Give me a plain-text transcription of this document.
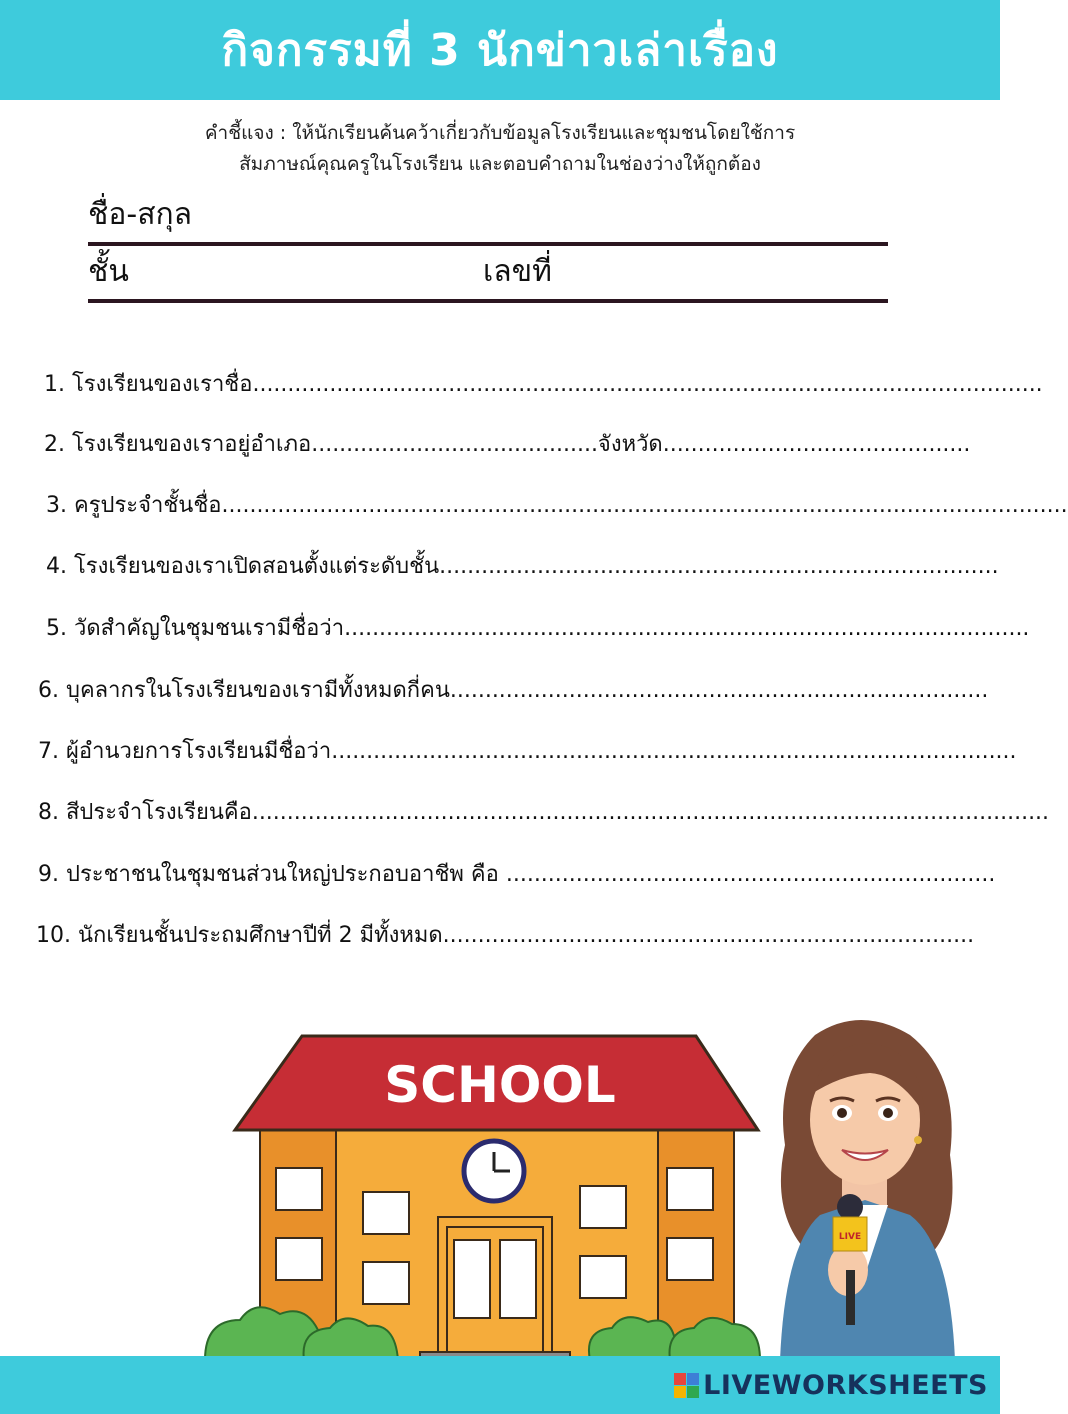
กิจกรรมที่ 3 นักข่าวเล่าเรื่อง
คำชี้แจง : ให้นักเรียนค้นคว้าเกี่ยวกับข้อมูลโรงเรียนและชุมชนโดยใช้การ
สัมภาษณ์คุณครูในโรงเรียน และตอบคำถามในช่องว่างให้ถูกต้อง
ชื่อ-สกุล
ชั้น	เลขที่
1. โรงเรียนของเราชื่อ.................................................................................................................
2. โรงเรียนของเราอยู่อำเภอ.........................................จังหวัด............................................
3. ครูประจำชั้นชื่อ.........................................................................................................................
4. โรงเรียนของเราเปิดสอนตั้งแต่ระดับชั้น................................................................................
5. วัดสำคัญในชุมชนเรามีชื่อว่า..................................................................................................
6. บุคลากรในโรงเรียนของเรามีทั้งหมดกี่คน.............................................................................
7. ผู้อำนวยการโรงเรียนมีชื่อว่า..................................................................................................
8. สีประจำโรงเรียนคือ..................................................................................................................
9. ประชาชนในชุมชนส่วนใหญ่ประกอบอาชีพ คือ ......................................................................
10. นักเรียนชั้นประถมศึกษาปีที่ 2 มีทั้งหมด............................................................................
SCHOOL
LIVE
LIVEWORKSHEETS
